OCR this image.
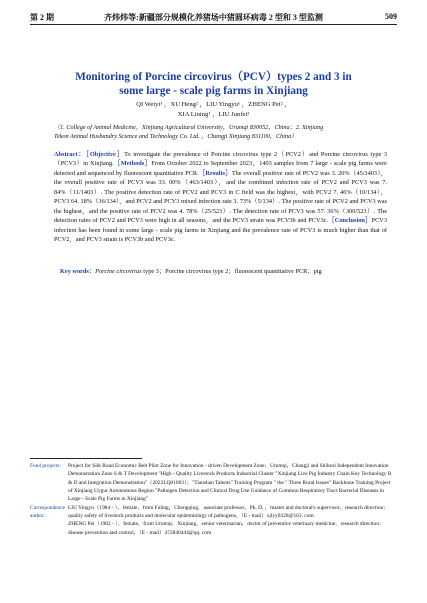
第 2 期	齐炜炜等:新疆部分规模化养猪场中猪圆环病毒 2 型和 3 型监测	509
Monitoring of Porcine circovirus（PCV）types 2 and 3 in
some large - scale pig farms in Xinjiang
QI Weiyi¹ ，XU Heng² ，LIU Yingyu¹ ，ZHENG Pei² ，
XIA Lining¹ ，LIU Junfei²
（1. College of Animal Medicine，Xinjiang Agricultural University，Urumqi 830052，China；2. Xinjiang
Tekon Animal Husbandry Science and Technology Co. Ltd. ，Changji Xinjiang 831100，China）
Abstract：［Objective］To investigate the prevalence of Porcine circovirus type 2（PCV2）and Porcine circovirus type 3（PCV3）in Xinjiang.［Methods］From October 2022 to September 2023，1403 samples from 7 large - scale pig farms were detected and sequenced by fluorescent quantitative PCR.［Results］The overall positive rate of PCV2 was 3. 20%（45/1403），the overall positive rate of PCV3 was 33. 00%（463/1403），and the combined infection rate of PCV2 and PCV3 was 7. 84%（11/1403）. The positive detection rate of PCV2 and PCV3 in C field was the highest，with PCV2 7. 46%（10/134），PCV3 64. 18%（36/134），and PCV2 and PCV3 mixed infection rate 3. 73%（5/134）. The positive rate of PCV2 and PCV3 was the highest，and the positive rate of PCV2 was 4. 78%（25/523）. The detection rate of PCV3 was 57. 36%（300/523）. The detection rates of PCV2 and PCV3 were high in all seasons，and the PCV3 strain was PCV3b and PCV3c.［Conclusion］PCV3 infection has been found in some large - scale pig farms in Xinjiang and the prevalence rate of PCV3 is much higher than that of PCV2，and PCV3 strain is PCV3b and PCV3c.
Key words：Porcine circovirus type 3；Porcine circovirus type 2；fluorescent quantitative PCR；pig
Fund projects： Project for Silk Road Economic Belt Pilot Zone for Innovation - driven Development Zone；Urumqi，Changji and Shihezi Independent Innovation Demonstration Zone S & T Development "High - Quality Livestock Products Industrial Cluster "Xinjiang Live Pig Industry Chain Key Technology R & D and Integration Demonstration"（2022LQ01003）；"Tianshan Talents" Training Program " the " Three Rural Issues" Backbone Training Project of Xinjiang Uygur Autonomous Region "Pathogen Detection and Clinical Drug Use Guidance of Common Respiratory Tract Bacterial Diseases in Large - Scale Pig Farms in Xinjiang"
Correspondence author：
LIU Yingyu（1984 - ），female，from Fuling，Chongqing，associate professor，Ph. D. ，master and doctoral's supervisor，research direction：quality safety of livestock products and molecular epidemiology of pathogens，（E - mail）xjlyy0328@163. com.
ZHENG Pei（1982 - ），female，from Urumqi，Xinjiang，senior veterinarian，doctor of preventive veterinary medicine，research direction：disease prevention and control，（E - mail）472840444@qq. com
